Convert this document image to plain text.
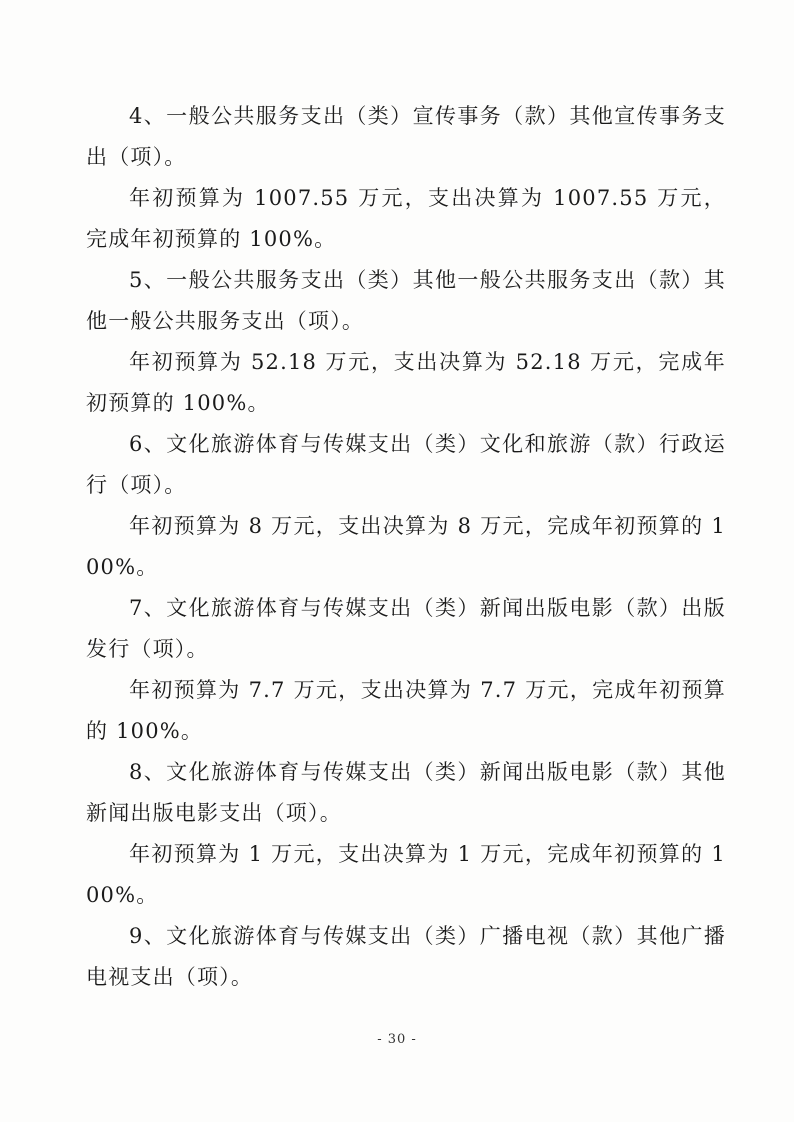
4、一般公共服务支出（类）宣传事务（款）其他宣传事务支出（项）。

年初预算为 1007.55 万元，支出决算为 1007.55 万元，完成年初预算的 100%。

5、一般公共服务支出（类）其他一般公共服务支出（款）其他一般公共服务支出（项）。

年初预算为 52.18 万元，支出决算为 52.18 万元，完成年初预算的 100%。

6、文化旅游体育与传媒支出（类）文化和旅游（款）行政运行（项）。

年初预算为 8 万元，支出决算为 8 万元，完成年初预算的 100%。

7、文化旅游体育与传媒支出（类）新闻出版电影（款）出版发行（项）。

年初预算为 7.7 万元，支出决算为 7.7 万元，完成年初预算的 100%。

8、文化旅游体育与传媒支出（类）新闻出版电影（款）其他新闻出版电影支出（项）。

年初预算为 1 万元，支出决算为 1 万元，完成年初预算的 100%。

9、文化旅游体育与传媒支出（类）广播电视（款）其他广播电视支出（项）。

- 30 -
